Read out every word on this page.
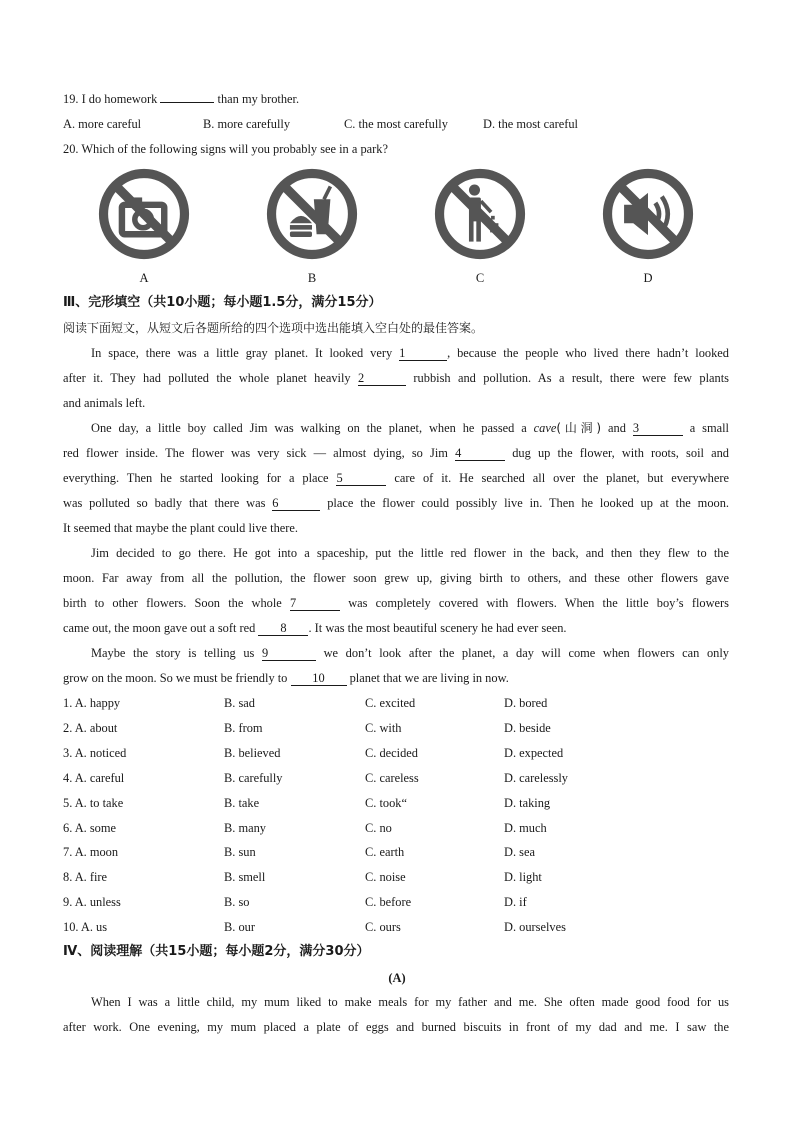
19. I do homework	than my brother.
A. more careful	B. more carefully	C. the most carefully	D. the most careful
20. Which of the following signs will you probably see in a park?
A	B	C	D
Ⅲ、完形填空（共10小题；每小题1.5分，满分15分）
阅读下面短文，从短文后各题所给的四个选项中选出能填入空白处的最佳答案。
In space, there was a little gray planet. It looked very 1	, because the people who lived there hadn’t looked
after it. They had polluted the whole planet heavily 2	rubbish and pollution. As a result, there were few plants
and animals left.
One day, a little boy called Jim was walking on the planet, when he passed a cave(山洞) and 3	a small
red flower inside. The flower was very sick — almost dying, so Jim 4	dug up the flower, with roots, soil and
everything. Then he started looking for a place 5	care of it. He searched all over the planet, but everywhere
was polluted so badly that there was 6	place the flower could possibly live in. Then he looked up at the moon.
It seemed that maybe the plant could live there.
Jim decided to go there. He got into a spaceship, put the little red flower in the back, and then they flew to the
moon. Far away from all the pollution, the flower soon grew up, giving birth to others, and these other flowers gave
birth to other flowers. Soon the whole 7	was completely covered with flowers. When the little boy’s flowers
came out, the moon gave out a soft red 8 . It was the most beautiful scenery he had ever seen.
Maybe the story is telling us 9	we don’t look after the planet, a day will come when flowers can only
grow on the moon. So we must be friendly to 10 planet that we are living in now.
1. A. happy	B. sad	C. excited	D. bored
2. A. about	B. from	C. with	D. beside
3. A. noticed	B. believed	C. decided	D. expected
4. A. careful	B. carefully	C. careless	D. carelessly
5. A. to take	B. take	C. took“	D. taking
6. A. some	B. many	C. no	D. much
7. A. moon	B. sun	C. earth	D. sea
8. A. fire	B. smell	C. noise	D. light
9. A. unless	B. so	C. before	D. if
10. A. us	B. our	C. ours	D. ourselves
Ⅳ、阅读理解（共15小题；每小题2分，满分30分）
(A)
When I was a little child, my mum liked to make meals for my father and me. She often made good food for us
after work. One evening, my mum placed a plate of eggs and burned biscuits in front of my dad and me. I saw the
